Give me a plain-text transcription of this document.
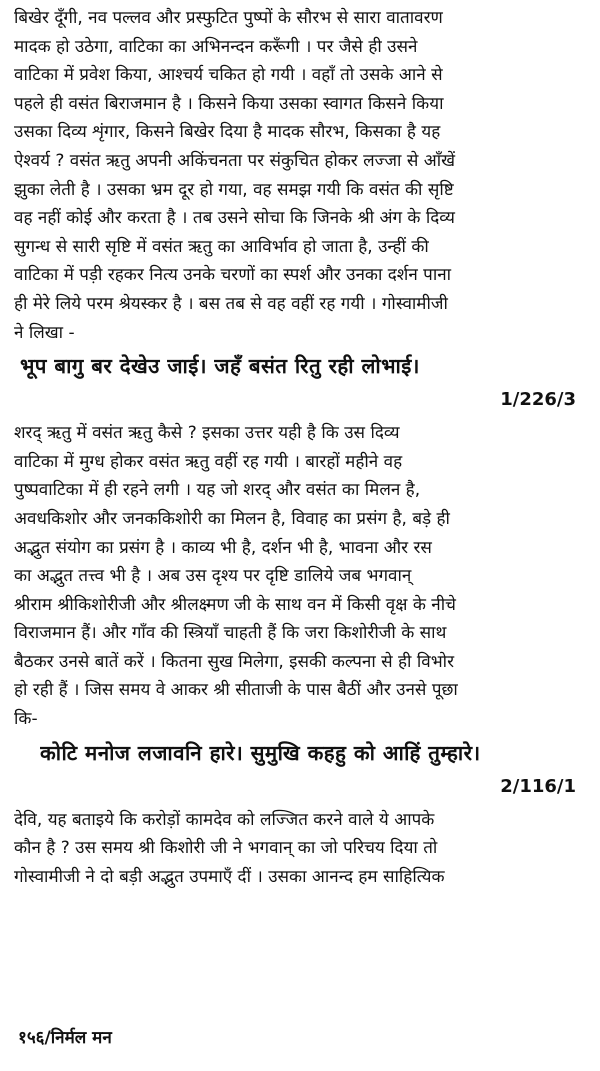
बिखेर दूँगी, नव पल्लव और प्रस्फुटित पुष्पों के सौरभ से सारा वातावरण
मादक हो उठेगा, वाटिका का अभिनन्दन करूँगी । पर जैसे ही उसने
वाटिका में प्रवेश किया, आश्चर्य चकित हो गयी । वहाँ तो उसके आने से
पहले ही वसंत बिराजमान है । किसने किया उसका स्वागत किसने किया
उसका दिव्य शृंगार, किसने बिखेर दिया है मादक सौरभ, किसका है यह
ऐश्वर्य ? वसंत ऋतु अपनी अकिंचनता पर संकुचित होकर लज्जा से आँखें
झुका लेती है । उसका भ्रम दूर हो गया, वह समझ गयी कि वसंत की सृष्टि
वह नहीं कोई और करता है । तब उसने सोचा कि जिनके श्री अंग के दिव्य
सुगन्ध से सारी सृष्टि में वसंत ऋतु का आविर्भाव हो जाता है, उन्हीं की
वाटिका में पड़ी रहकर नित्य उनके चरणों का स्पर्श और उनका दर्शन पाना
ही मेरे लिये परम श्रेयस्कर है । बस तब से वह वहीं रह गयी । गोस्वामीजी
ने लिखा -
भूप बागु बर देखेउ जाई। जहँ बसंत रितु रही लोभाई।
1/226/3
शरद् ऋतु में वसंत ऋतु कैसे ? इसका उत्तर यही है कि उस दिव्य
वाटिका में मुग्ध होकर वसंत ऋतु वहीं रह गयी । बारहों महीने वह
पुष्पवाटिका में ही रहने लगी । यह जो शरद् और वसंत का मिलन है,
अवधकिशोर और जनककिशोरी का मिलन है, विवाह का प्रसंग है, बड़े ही
अद्भुत संयोग का प्रसंग है । काव्य भी है, दर्शन भी है, भावना और रस
का अद्भुत तत्त्व भी है । अब उस दृश्य पर दृष्टि डालिये जब भगवान्
श्रीराम श्रीकिशोरीजी और श्रीलक्ष्मण जी के साथ वन में किसी वृक्ष के नीचे
विराजमान हैं। और गाँव की स्त्रियाँ चाहती हैं कि जरा किशोरीजी के साथ
बैठकर उनसे बातें करें । कितना सुख मिलेगा, इसकी कल्पना से ही विभोर
हो रही हैं । जिस समय वे आकर श्री सीताजी के पास बैठीं और उनसे पूछा
कि-
कोटि मनोज लजावनि हारे। सुमुखि कहहु को आहिं तुम्हारे।
2/116/1
देवि, यह बताइये कि करोड़ों कामदेव को लज्जित करने वाले ये आपके
कौन है ? उस समय श्री किशोरी जी ने भगवान् का जो परिचय दिया तो
गोस्वामीजी ने दो बड़ी अद्भुत उपमाएँ दीं । उसका आनन्द हम साहित्यिक
१५६/निर्मल मन
